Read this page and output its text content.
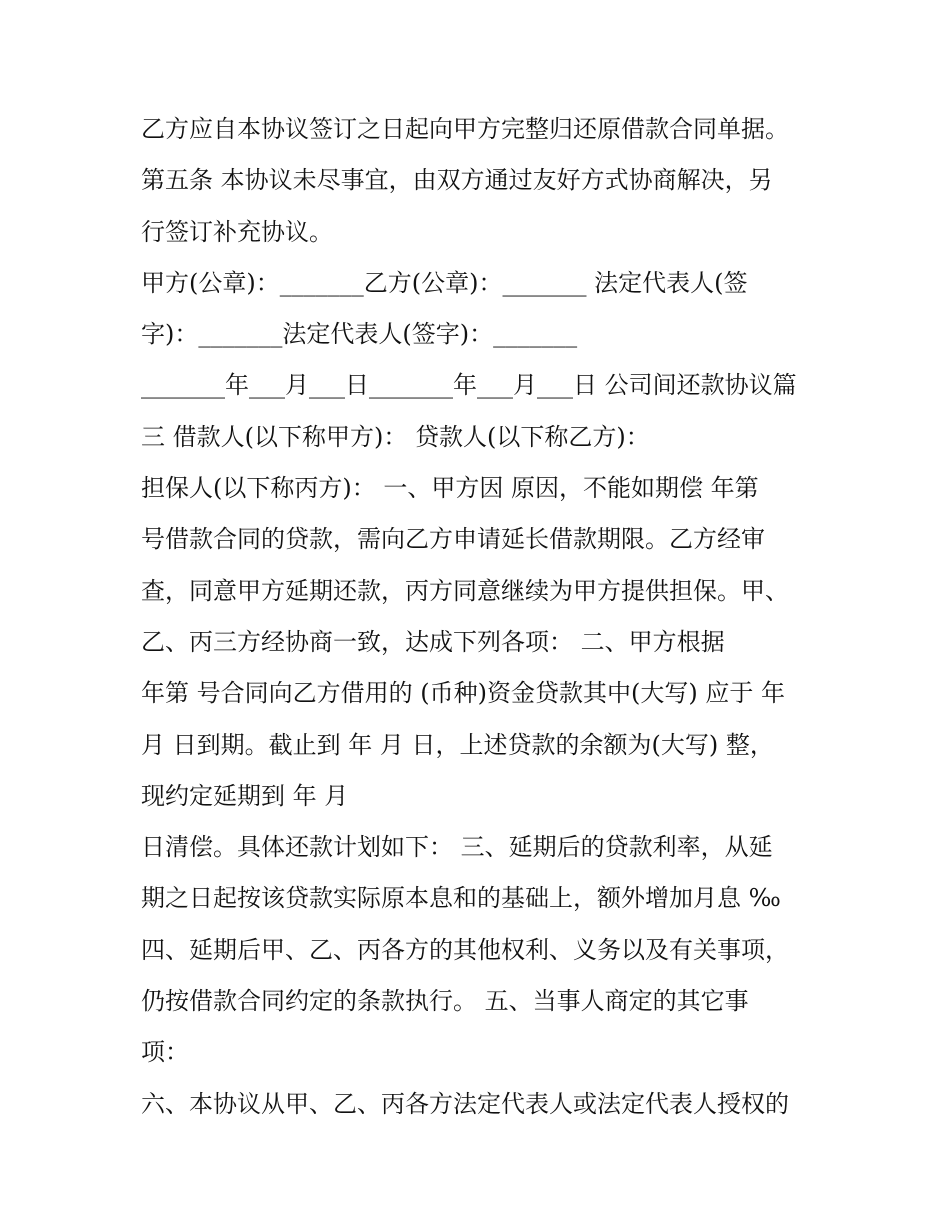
乙方应自本协议签订之日起向甲方完整归还原借款合同单据。
第五条 本协议未尽事宜，由双方通过友好方式协商解决，另
行签订补充协议。
甲方(公章)：_______乙方(公章)：_______ 法定代表人(签
字)：_______法定代表人(签字)：_______
_______年___月___日_______年___月___日 公司间还款协议篇
三 借款人(以下称甲方)： 贷款人(以下称乙方)：
担保人(以下称丙方)： 一、甲方因 原因，不能如期偿 年第
号借款合同的贷款，需向乙方申请延长借款期限。乙方经审
查，同意甲方延期还款，丙方同意继续为甲方提供担保。甲、
乙、丙三方经协商一致，达成下列各项： 二、甲方根据
年第 号合同向乙方借用的 (币种)资金贷款其中(大写) 应于 年
月 日到期。截止到 年 月 日，上述贷款的余额为(大写) 整，
现约定延期到 年 月
日清偿。具体还款计划如下： 三、延期后的贷款利率，从延
期之日起按该贷款实际原本息和的基础上，额外增加月息 ‰
四、延期后甲、乙、丙各方的其他权利、义务以及有关事项，
仍按借款合同约定的条款执行。 五、当事人商定的其它事
项：
六、本协议从甲、乙、丙各方法定代表人或法定代表人授权的
